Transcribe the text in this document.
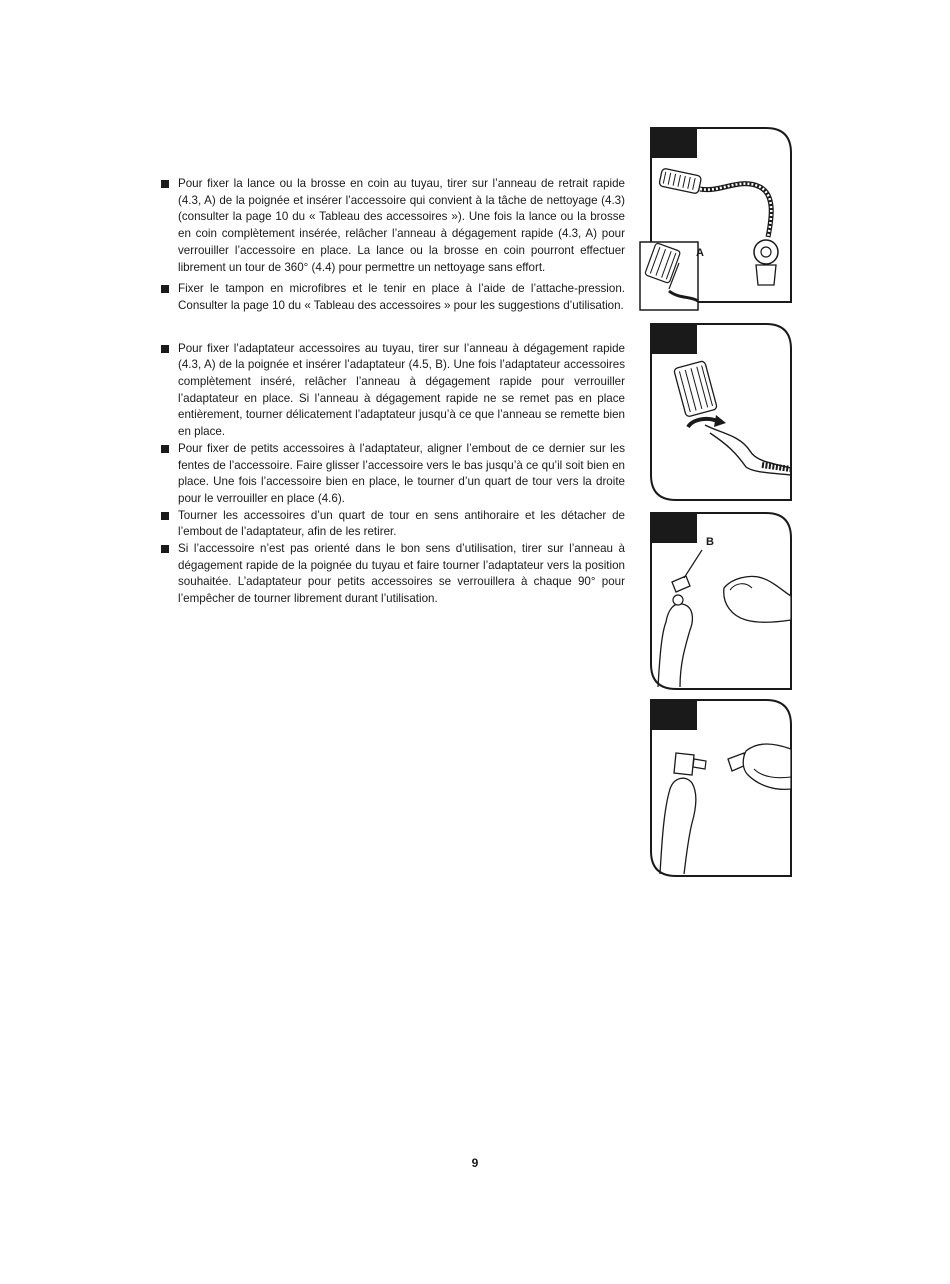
Pour fixer la lance ou la brosse en coin au tuyau, tirer sur l’anneau de retrait rapide (4.3, A) de la poignée et insérer l’accessoire qui convient à la tâche de nettoyage (4.3) (consulter la page 10 du « Tableau des accessoires »). Une fois la lance ou la brosse en coin complètement insérée, relâcher l’anneau à dégagement rapide (4.3, A) pour verrouiller l’accessoire en place. La lance ou la brosse en coin pourront effectuer librement un tour de 360° (4.4) pour permettre un nettoyage sans effort.
Fixer le tampon en microfibres et le tenir en place à l’aide de l’attache-pression. Consulter la page 10 du « Tableau des accessoires » pour les suggestions d’utilisation.
Pour fixer l’adaptateur accessoires au tuyau, tirer sur l’anneau à dégagement rapide (4.3, A) de la poignée et insérer l’adaptateur (4.5, B). Une fois l’adaptateur accessoires complètement inséré, relâcher l’anneau à dégagement rapide pour verrouiller l’adaptateur en place. Si l’anneau à dégagement rapide ne se remet pas en place entièrement, tourner délicatement l’adaptateur jusqu’à ce que l’anneau se remette bien en place.
Pour fixer de petits accessoires à l’adaptateur, aligner l’embout de ce dernier sur les fentes de l’accessoire. Faire glisser l’accessoire vers le bas jusqu’à ce qu’il soit bien en place. Une fois l’accessoire bien en place, le tourner d’un quart de tour vers la droite pour le verrouiller en place (4.6).
Tourner les accessoires d’un quart de tour en sens antihoraire et les détacher de l’embout de l’adaptateur, afin de les retirer.
Si l’accessoire n’est pas orienté dans le bon sens d’utilisation, tirer sur l’anneau à dégagement rapide de la poignée du tuyau et faire tourner l’adaptateur vers la position souhaitée. L’adaptateur pour petits accessoires se verrouillera à chaque 90° pour l’empêcher de tourner librement durant l’utilisation.
A
B
9
